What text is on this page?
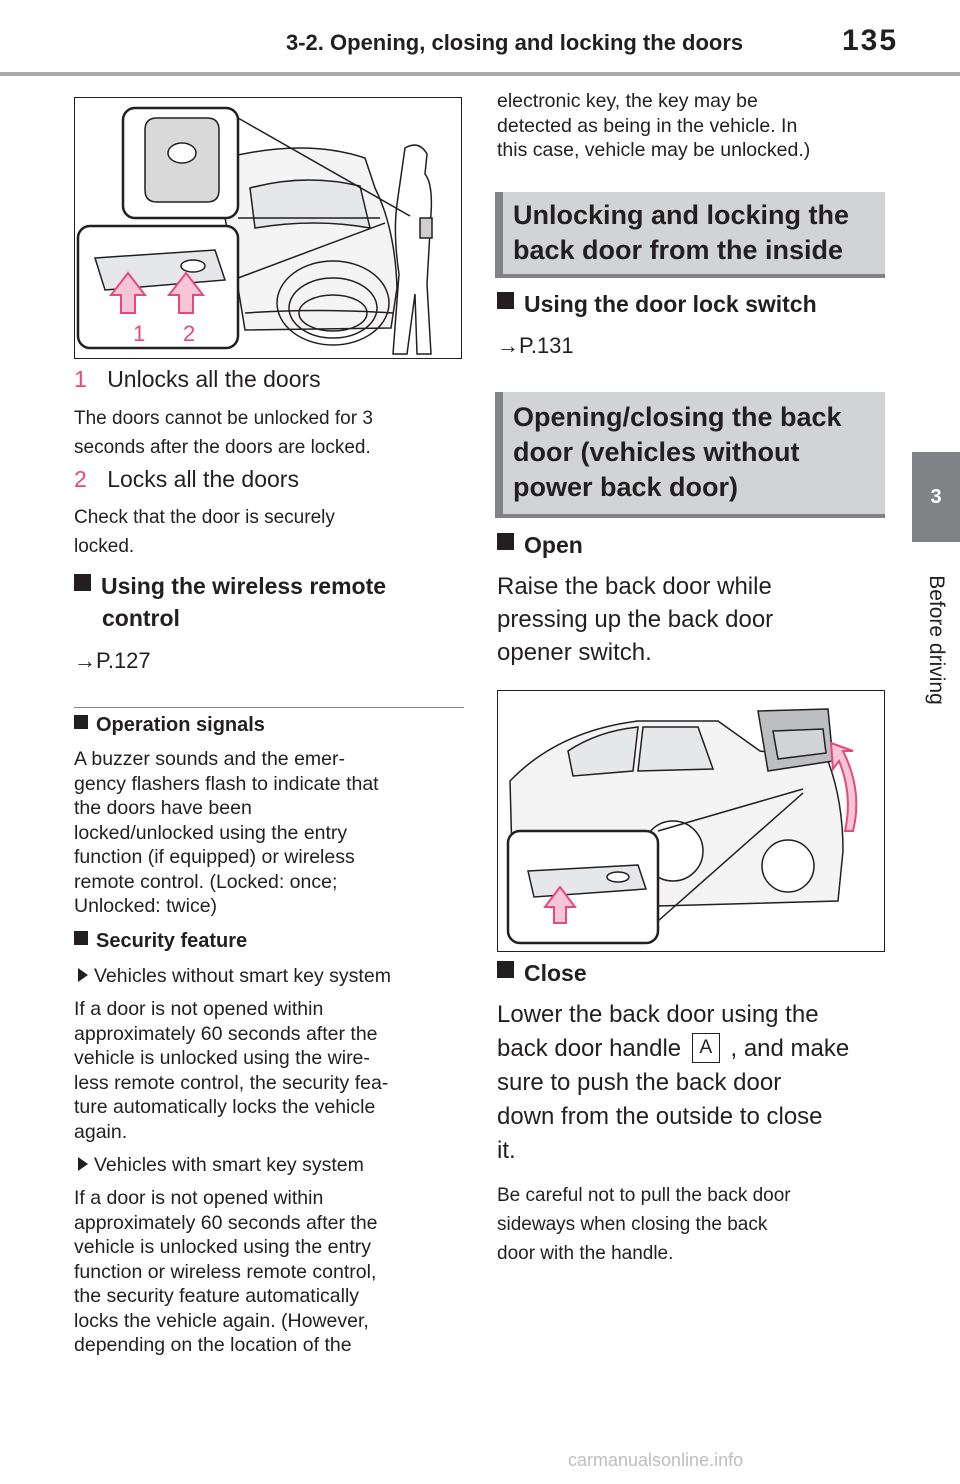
3-2. Opening, closing and locking the doors	135
3
Before driving
1 2
1 Unlocks all the doors
The doors cannot be unlocked for 3
seconds after the doors are locked.
2 Locks all the doors
Check that the door is securely
locked.
Using the wireless remote
control
→P.127
Operation signals
A buzzer sounds and the emer-
gency flashers flash to indicate that
the doors have been
locked/unlocked using the entry
function (if equipped) or wireless
remote control. (Locked: once;
Unlocked: twice)
Security feature
Vehicles without smart key system
If a door is not opened within
approximately 60 seconds after the
vehicle is unlocked using the wire-
less remote control, the security fea-
ture automatically locks the vehicle
again.
Vehicles with smart key system
If a door is not opened within
approximately 60 seconds after the
vehicle is unlocked using the entry
function or wireless remote control,
the security feature automatically
locks the vehicle again. (However,
depending on the location of the
electronic key, the key may be
detected as being in the vehicle. In
this case, vehicle may be unlocked.)
Unlocking and locking the
back door from the inside
Using the door lock switch
→P.131
Opening/closing the back
door (vehicles without
power back door)
Open
Raise the back door while
pressing up the back door
opener switch.
Close
Lower the back door using the
back door handle A , and make
sure to push the back door
down from the outside to close
it.
Be careful not to pull the back door
sideways when closing the back
door with the handle.
carmanualsonline.info
